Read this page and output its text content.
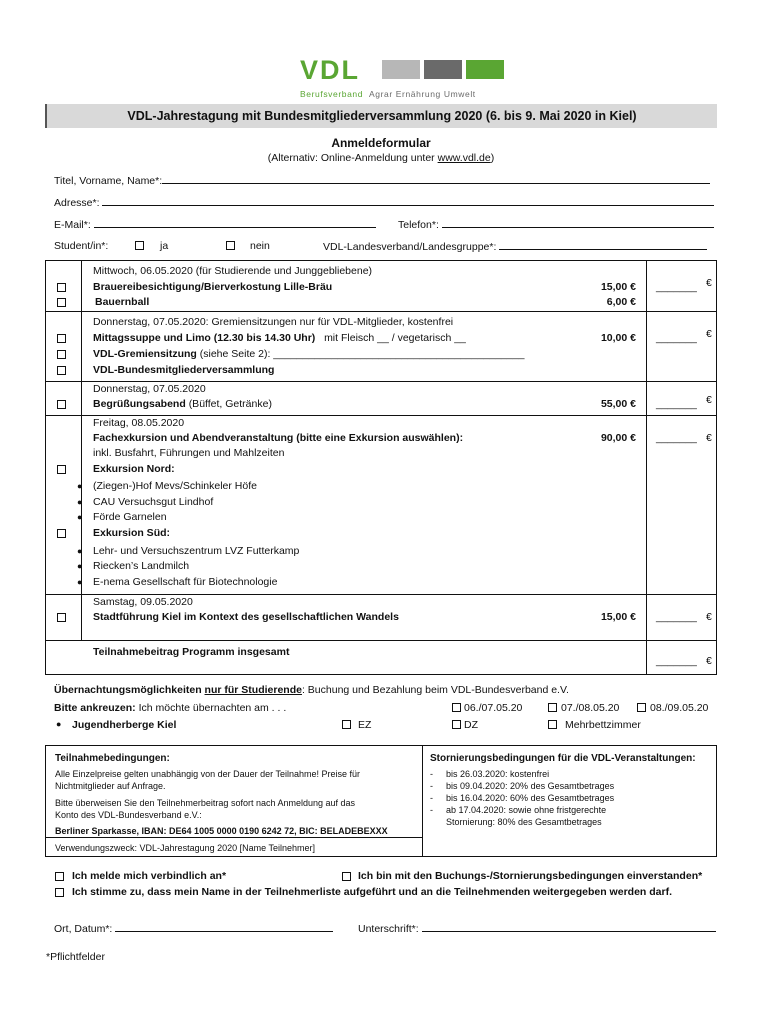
VDL
Berufsverband Agrar Ernährung Umwelt
VDL-Jahrestagung mit Bundesmitgliederversammlung 2020 (6. bis 9. Mai 2020 in Kiel)
Anmeldeformular
(Alternativ: Online-Anmeldung unter www.vdl.de)
Titel, Vorname, Name*:
Adresse*:
E-Mail*:	Telefon*:
Student/in*:	ja	nein	VDL-Landesverband/Landesgruppe*:
Mittwoch, 06.05.2020 (für Studierende und Junggebliebene)
Brauereibesichtigung/Bierverkostung Lille-Bräu	15,00 € _______ €
Bauernball	6,00 €
Donnerstag, 07.05.2020: Gremiensitzungen nur für VDL-Mitglieder, kostenfrei
Mittagssuppe und Limo (12.30 bis 14.30 Uhr) mit Fleisch __ / vegetarisch __	10,00 € _______ €
VDL-Gremiensitzung (siehe Seite 2): ___________________________________________
VDL-Bundesmitgliederversammlung
Donnerstag, 07.05.2020
Begrüßungsabend (Büffet, Getränke)	55,00 € _______ €
Freitag, 08.05.2020
Fachexkursion und Abendveranstaltung (bitte eine Exkursion auswählen):	90,00 € _______ €
inkl. Busfahrt, Führungen und Mahlzeiten
Exkursion Nord:
● (Ziegen-)Hof Mevs/Schinkeler Höfe
● CAU Versuchsgut Lindhof
● Förde Garnelen
Exkursion Süd:
● Lehr- und Versuchszentrum LVZ Futterkamp
● Riecken’s Landmilch
● E-nema Gesellschaft für Biotechnologie
Samstag, 09.05.2020
Stadtführung Kiel im Kontext des gesellschaftlichen Wandels	15,00 € _______ €
Teilnahmebeitrag Programm insgesamt
_______ €
Übernachtungsmöglichkeiten nur für Studierende: Buchung und Bezahlung beim VDL-Bundesverband e.V.
Bitte ankreuzen: Ich möchte übernachten am . . .	06./07.05.20	07./08.05.20	08./09.05.20
● Jugendherberge Kiel	EZ	DZ	Mehrbettzimmer
Teilnahmebedingungen:
Alle Einzelpreise gelten unabhängig von der Dauer der Teilnahme! Preise für
Nichtmitglieder auf Anfrage.
Bitte überweisen Sie den Teilnehmerbeitrag sofort nach Anmeldung auf das
Konto des VDL-Bundesverband e.V.:
Berliner Sparkasse, IBAN: DE64 1005 0000 0190 6242 72, BIC: BELADEBEXXX
Verwendungszweck: VDL-Jahrestagung 2020 [Name Teilnehmer]
Stornierungsbedingungen für die VDL-Veranstaltungen:
- bis 26.03.2020: kostenfrei
- bis 09.04.2020: 20% des Gesamtbetrages
- bis 16.04.2020: 60% des Gesamtbetrages
- ab 17.04.2020: sowie ohne fristgerechte
Stornierung: 80% des Gesamtbetrages
Ich melde mich verbindlich an*	Ich bin mit den Buchungs-/Stornierungsbedingungen einverstanden*
Ich stimme zu, dass mein Name in der Teilnehmerliste aufgeführt und an die Teilnehmenden weitergegeben werden darf.
Ort, Datum*:	Unterschrift*:
*Pflichtfelder
